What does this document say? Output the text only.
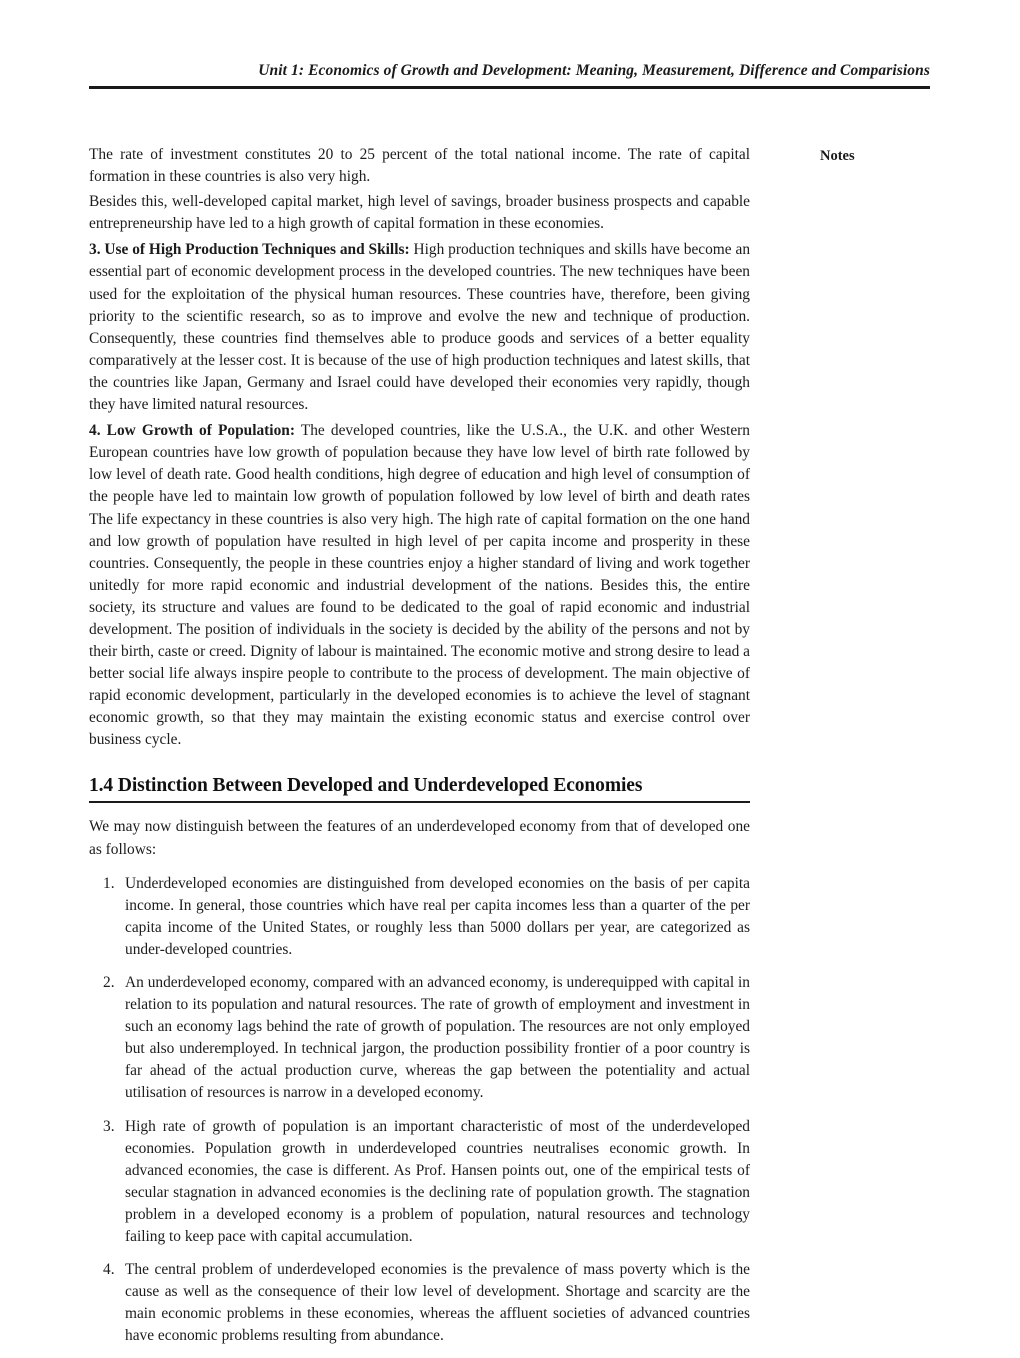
Unit 1: Economics of Growth and Development: Meaning, Measurement, Difference and Comparisions
Notes

The rate of investment constitutes 20 to 25 percent of the total national income. The rate of capital formation in these countries is also very high.

Besides this, well-developed capital market, high level of savings, broader business prospects and capable entrepreneurship have led to a high growth of capital formation in these economies.

3. Use of High Production Techniques and Skills: High production techniques and skills have become an essential part of economic development process in the developed countries. The new techniques have been used for the exploitation of the physical human resources. These countries have, therefore, been giving priority to the scientific research, so as to improve and evolve the new and technique of production. Consequently, these countries find themselves able to produce goods and services of a better equality comparatively at the lesser cost. It is because of the use of high production techniques and latest skills, that the countries like Japan, Germany and Israel could have developed their economies very rapidly, though they have limited natural resources.

4. Low Growth of Population: The developed countries, like the U.S.A., the U.K. and other Western European countries have low growth of population because they have low level of birth rate followed by low level of death rate. Good health conditions, high degree of education and high level of consumption of the people have led to maintain low growth of population followed by low level of birth and death rates The life expectancy in these countries is also very high. The high rate of capital formation on the one hand and low growth of population have resulted in high level of per capita income and prosperity in these countries. Consequently, the people in these countries enjoy a higher standard of living and work together unitedly for more rapid economic and industrial development of the nations. Besides this, the entire society, its structure and values are found to be dedicated to the goal of rapid economic and industrial development. The position of individuals in the society is decided by the ability of the persons and not by their birth, caste or creed. Dignity of labour is maintained. The economic motive and strong desire to lead a better social life always inspire people to contribute to the process of development. The main objective of rapid economic development, particularly in the developed economies is to achieve the level of stagnant economic growth, so that they may maintain the existing economic status and exercise control over business cycle.

1.4 Distinction Between Developed and Underdeveloped Economies

We may now distinguish between the features of an underdeveloped economy from that of developed one as follows:

1. Underdeveloped economies are distinguished from developed economies on the basis of per capita income. In general, those countries which have real per capita incomes less than a quarter of the per capita income of the United States, or roughly less than 5000 dollars per year, are categorized as under-developed countries.
2. An underdeveloped economy, compared with an advanced economy, is underequipped with capital in relation to its population and natural resources. The rate of growth of employment and investment in such an economy lags behind the rate of growth of population. The resources are not only employed but also underemployed. In technical jargon, the production possibility frontier of a poor country is far ahead of the actual production curve, whereas the gap between the potentiality and actual utilisation of resources is narrow in a developed economy.
3. High rate of growth of population is an important characteristic of most of the underdeveloped economies. Population growth in underdeveloped countries neutralises economic growth. In advanced economies, the case is different. As Prof. Hansen points out, one of the empirical tests of secular stagnation in advanced economies is the declining rate of population growth. The stagnation problem in a developed economy is a problem of population, natural resources and technology failing to keep pace with capital accumulation.
4. The central problem of underdeveloped economies is the prevalence of mass poverty which is the cause as well as the consequence of their low level of development. Shortage and scarcity are the main economic problems in these economies, whereas the affluent societies of advanced countries have economic problems resulting from abundance.
